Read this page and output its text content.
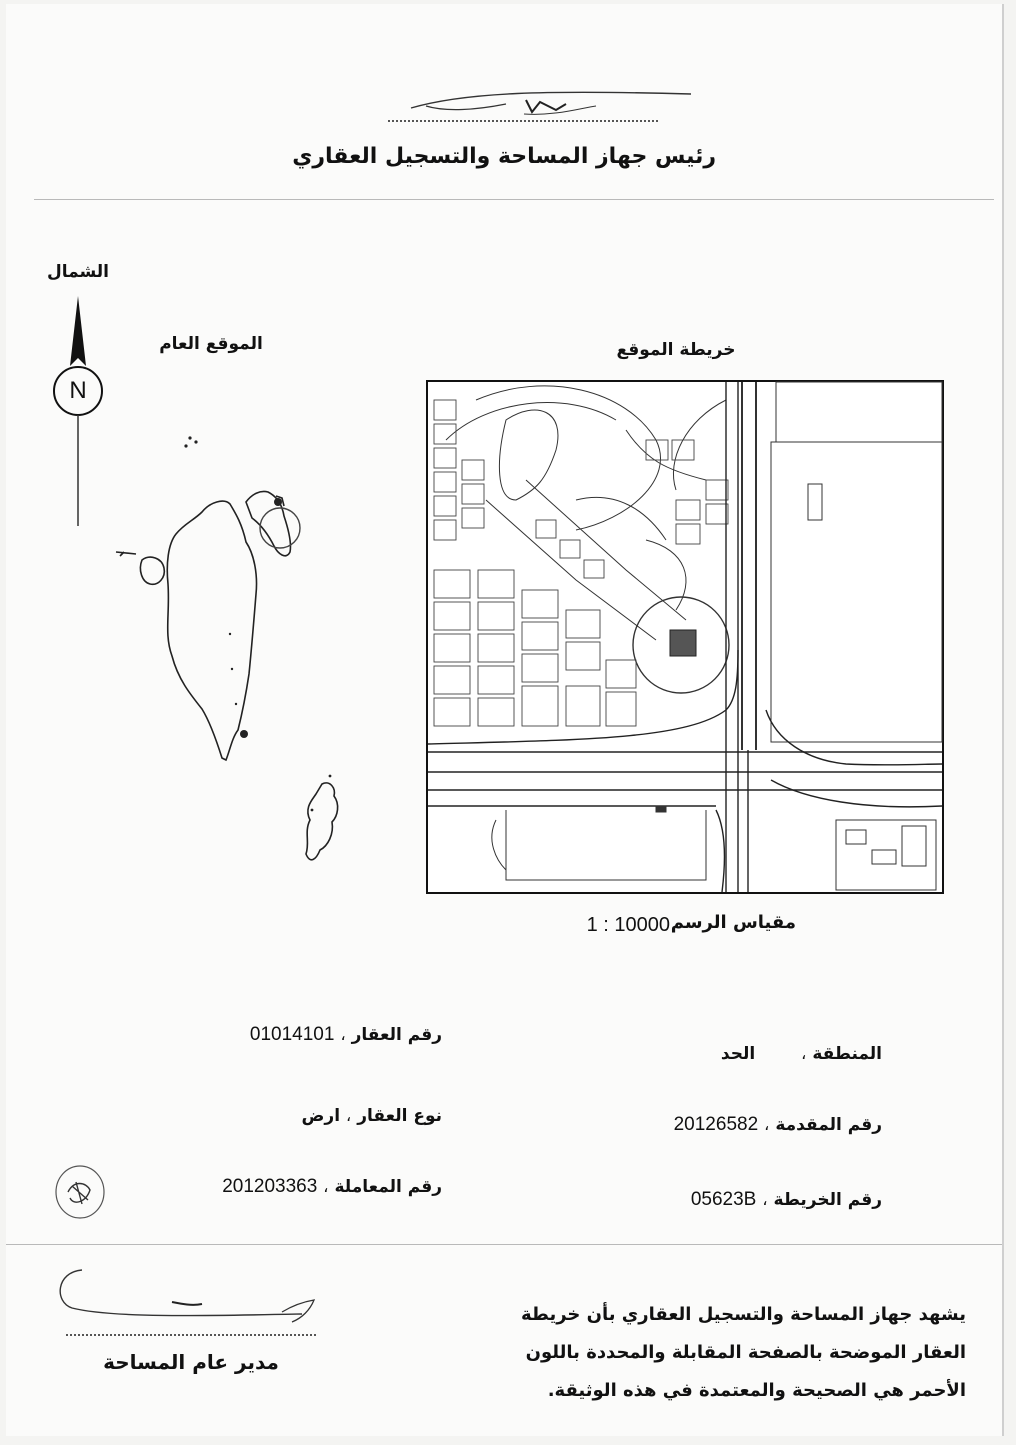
رئيس جهاز المساحة والتسجيل العقاري
الشمال
N
الموقع العام	خريطة الموقع
مقياس الرسم
1 : 10000
المنطقة،الحد
رقم العقار،01014101
رقم المقدمة،20126582
نوع العقار،ارض
رقم الخريطة،05623B
رقم المعاملة،201203363
يشهد جهاز المساحة والتسجيل العقاري بأن خريطة العقار الموضحة بالصفحة المقابلة والمحددة باللون الأحمر هي الصحيحة والمعتمدة في هذه الوثيقة.
مدير عام المساحة
